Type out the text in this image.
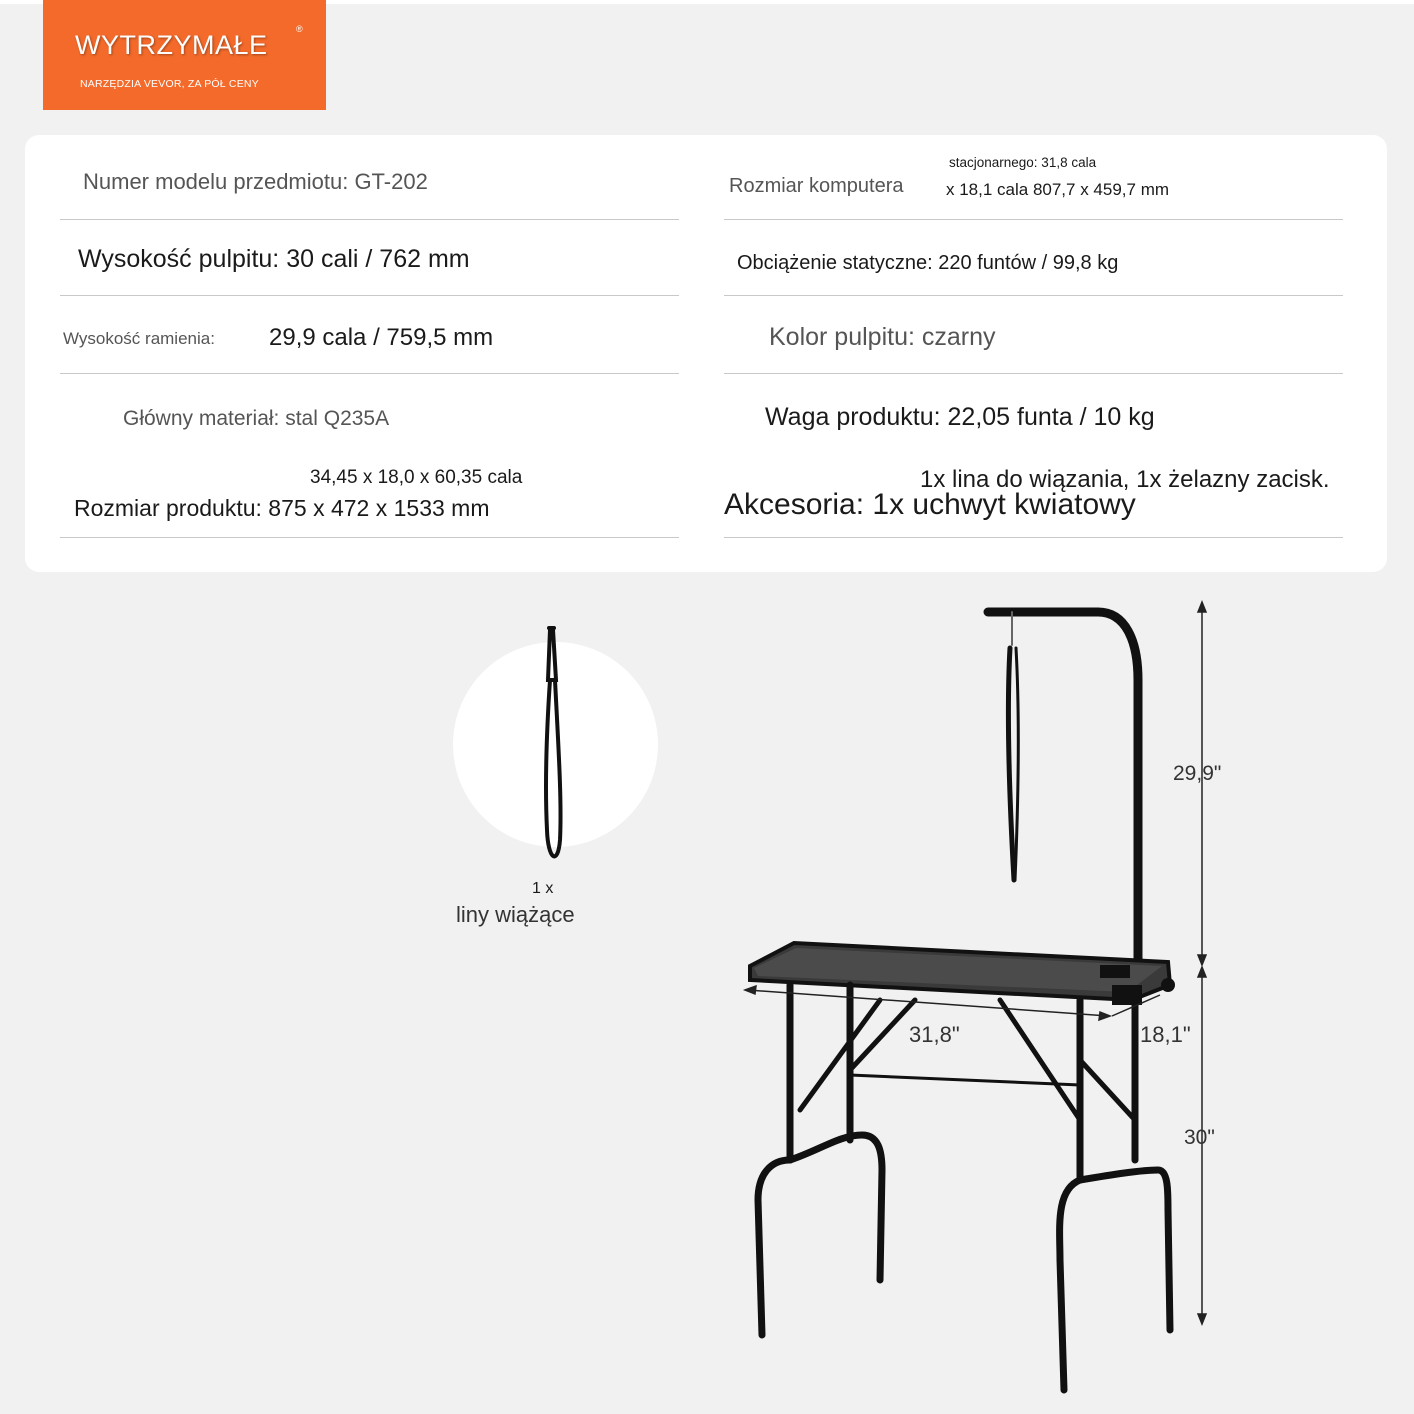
WYTRZYMAŁE
®
NARZĘDZIA VEVOR, ZA PÓŁ CENY
Numer modelu przedmiotu: GT-202
Wysokość pulpitu: 30 cali / 762 mm
Wysokość ramienia: 29,9 cala / 759,5 mm
Główny materiał: stal Q235A
34,45 x 18,0 x 60,35 cala
Rozmiar produktu: 875 x 472 x 1533 mm
stacjonarnego: 31,8 cala
Rozmiar komputera x 18,1 cala 807,7 x 459,7 mm
Obciążenie statyczne: 220 funtów / 99,8 kg
Kolor pulpitu: czarny
Waga produktu: 22,05 funta / 10 kg
1x lina do wiązania, 1x żelazny zacisk.
Akcesoria: 1x uchwyt kwiatowy
1 x
liny wiążące
29,9"
31,8"	18,1"
30"
